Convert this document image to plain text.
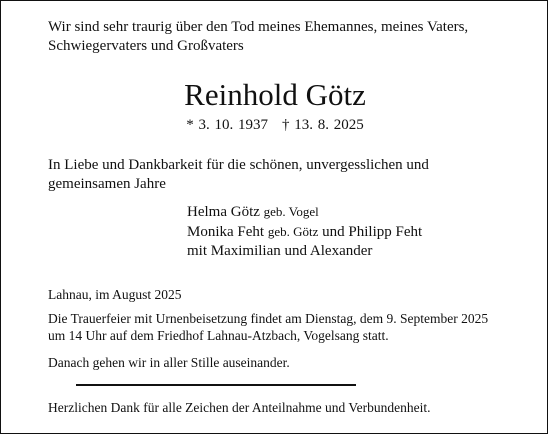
Wir sind sehr traurig über den Tod meines Ehemannes, meines Vaters,
Schwiegervaters und Großvaters
Reinhold Götz
* 3. 10. 1937 † 13. 8. 2025
In Liebe und Dankbarkeit für die schönen, unvergesslichen und
gemeinsamen Jahre
Helma Götz geb. Vogel
Monika Feht geb. Götz und Philipp Feht
mit Maximilian und Alexander
Lahnau, im August 2025
Die Trauerfeier mit Urnenbeisetzung findet am Dienstag, dem 9. September 2025
um 14 Uhr auf dem Friedhof Lahnau-Atzbach, Vogelsang statt.
Danach gehen wir in aller Stille auseinander.
Herzlichen Dank für alle Zeichen der Anteilnahme und Verbundenheit.
